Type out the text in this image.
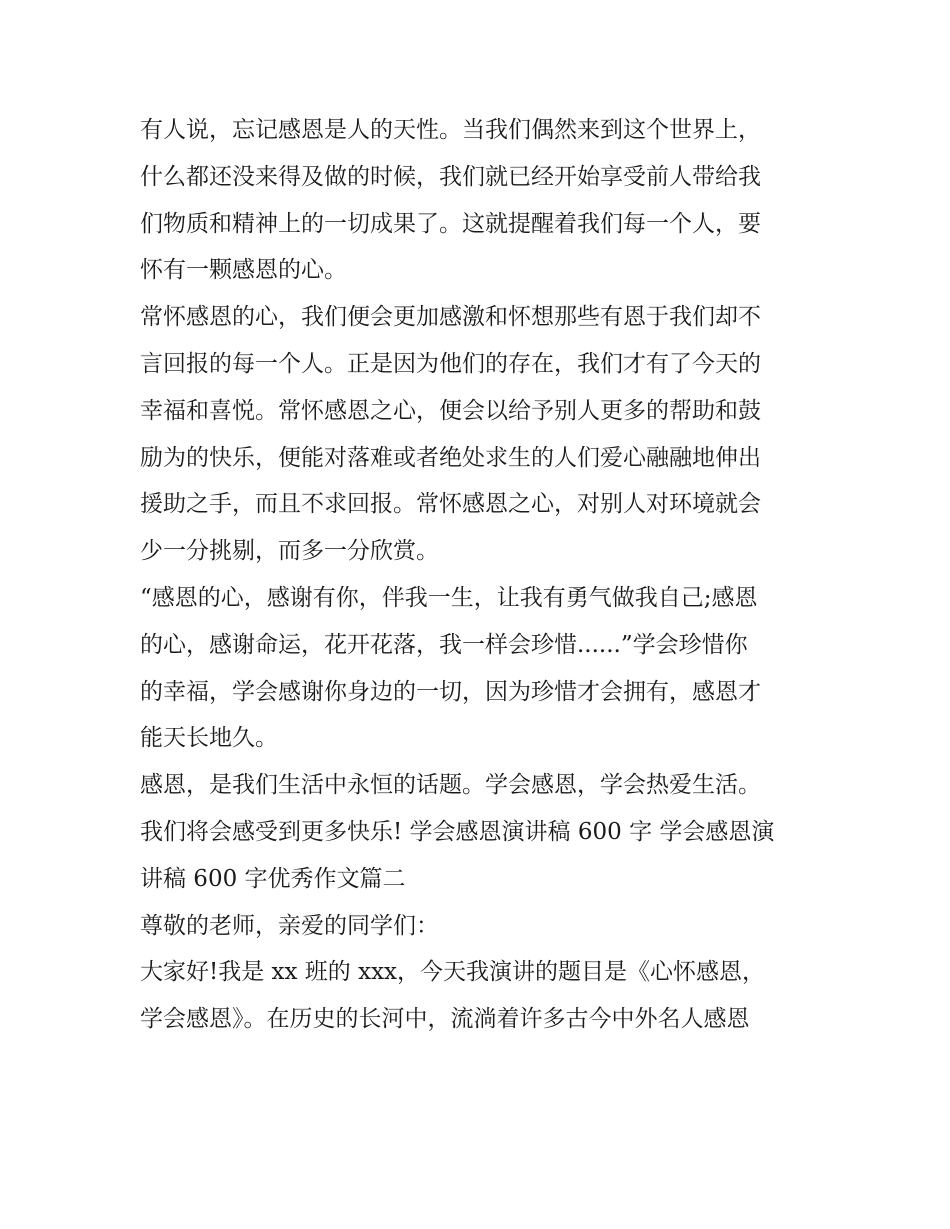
有人说，忘记感恩是人的天性。当我们偶然来到这个世界上，
什么都还没来得及做的时候，我们就已经开始享受前人带给我
们物质和精神上的一切成果了。这就提醒着我们每一个人，要
怀有一颗感恩的心。
常怀感恩的心，我们便会更加感激和怀想那些有恩于我们却不
言回报的每一个人。正是因为他们的存在，我们才有了今天的
幸福和喜悦。常怀感恩之心，便会以给予别人更多的帮助和鼓
励为的快乐，便能对落难或者绝处求生的人们爱心融融地伸出
援助之手，而且不求回报。常怀感恩之心，对别人对环境就会
少一分挑剔，而多一分欣赏。
“感恩的心，感谢有你，伴我一生，让我有勇气做我自己;感恩
的心，感谢命运，花开花落，我一样会珍惜......”学会珍惜你
的幸福，学会感谢你身边的一切，因为珍惜才会拥有，感恩才
能天长地久。
感恩，是我们生活中永恒的话题。学会感恩，学会热爱生活。
我们将会感受到更多快乐! 学会感恩演讲稿 600 字 学会感恩演
讲稿 600 字优秀作文篇二
尊敬的老师，亲爱的同学们：
大家好!我是 xx 班的 xxx，今天我演讲的题目是《心怀感恩，
学会感恩》。在历史的长河中，流淌着许多古今中外名人感恩
